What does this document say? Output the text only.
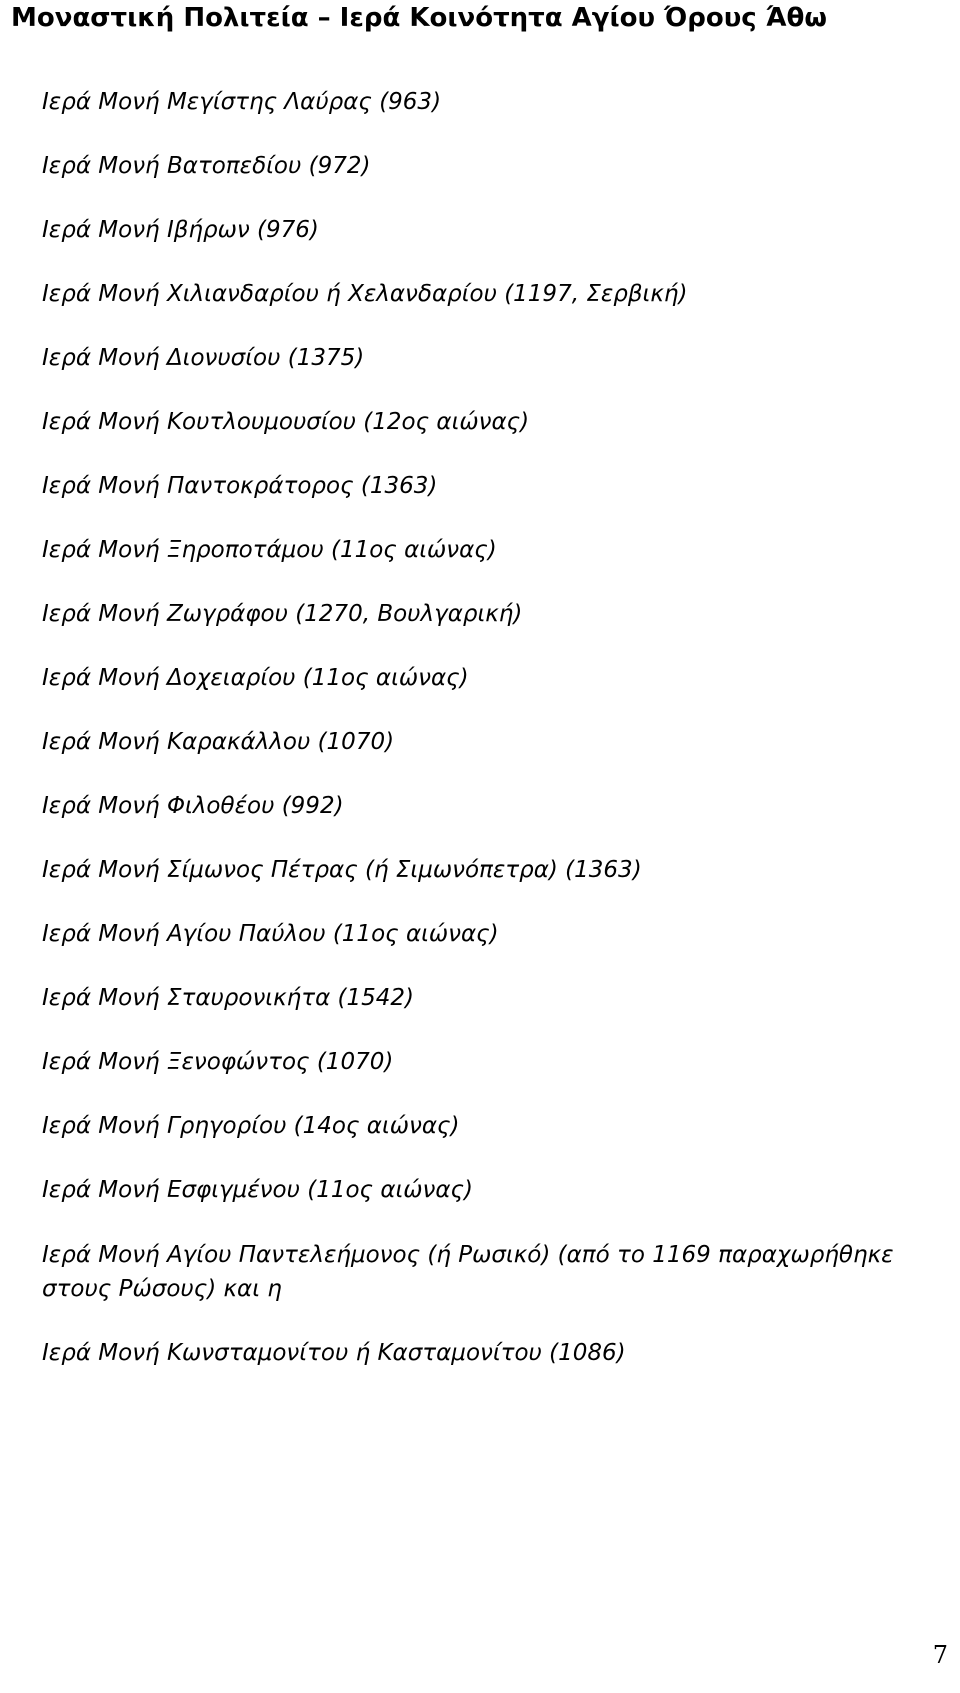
Μοναστική Πολιτεία – Ιερά Κοινότητα Αγίου Όρους Άθω
Ιερά Μονή Μεγίστης Λαύρας (963)
Ιερά Μονή Βατοπεδίου (972)
Ιερά Μονή Ιβήρων (976)
Ιερά Μονή Χιλιανδαρίου ή Χελανδαρίου (1197, Σερβική)
Ιερά Μονή Διονυσίου (1375)
Ιερά Μονή Κουτλουμουσίου (12ος αιώνας)
Ιερά Μονή Παντοκράτορος (1363)
Ιερά Μονή Ξηροποτάμου (11ος αιώνας)
Ιερά Μονή Ζωγράφου (1270, Βουλγαρική)
Ιερά Μονή Δοχειαρίου (11ος αιώνας)
Ιερά Μονή Καρακάλλου (1070)
Ιερά Μονή Φιλοθέου (992)
Ιερά Μονή Σίμωνος Πέτρας (ή Σιμωνόπετρα) (1363)
Ιερά Μονή Αγίου Παύλου (11ος αιώνας)
Ιερά Μονή Σταυρονικήτα (1542)
Ιερά Μονή Ξενοφώντος (1070)
Ιερά Μονή Γρηγορίου (14ος αιώνας)
Ιερά Μονή Εσφιγμένου (11ος αιώνας)
Ιερά Μονή Αγίου Παντελεήμονος (ή Ρωσικό) (από το 1169 παραχωρήθηκε στους Ρώσους) και η
Ιερά Μονή Κωνσταμονίτου ή Κασταμονίτου (1086)
7
